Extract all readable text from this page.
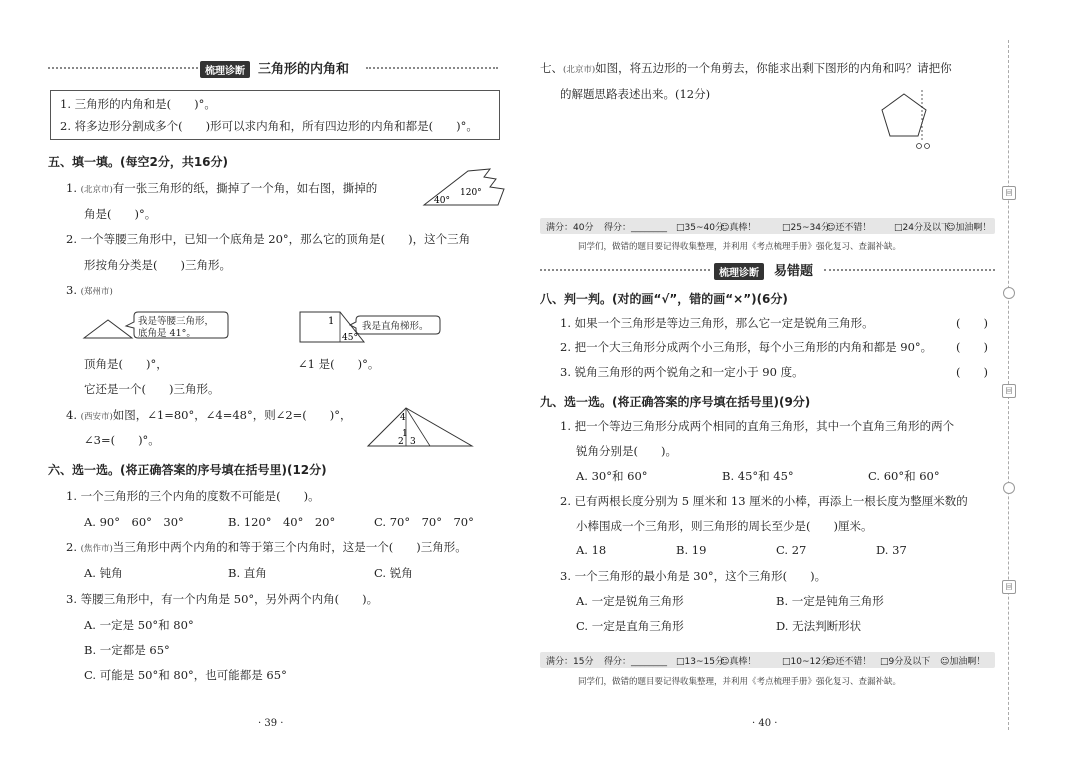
梳理诊断	三角形的内角和
1. 三角形的内角和是(　　)°。
2. 将多边形分割成多个(　　)形可以求内角和，所有四边形的内角和都是(　　)°。
五、填一填。(每空2分，共16分)
1. (北京市)有一张三角形的纸，撕掉了一个角，如右图，撕掉的
角是(　　)°。
40°
120°
2. 一个等腰三角形中，已知一个底角是 20°，那么它的顶角是(　　)，这个三角
形按角分类是(　　)三角形。
3. (郑州市)
我是等腰三角形，
底角是 41°。
1
45°
我是直角梯形。
顶角是(　　)°，	∠1 是(　　)°。
它还是一个(　　)三角形。
4. (西安市)如图，∠1=80°，∠4=48°，则∠2=(　　)°，
∠3=(　　)°。
4
1
2 3
六、选一选。(将正确答案的序号填在括号里)(12分)
1. 一个三角形的三个内角的度数不可能是(　　)。
A. 90°　60°　30°	B. 120°　40°　20°	C. 70°　70°　70°
2. (焦作市)当三角形中两个内角的和等于第三个内角时，这是一个(　　)三角形。
A. 钝角	B. 直角	C. 锐角
3. 等腰三角形中，有一个内角是 50°，另外两个内角(　　)。
A. 一定是 50°和 80°
B. 一定都是 65°
C. 可能是 50°和 80°，也可能都是 65°
· 39 ·
七、(北京市)如图，将五边形的一个角剪去，你能求出剩下图形的内角和吗？请把你
的解题思路表述出来。(12分)
满分：40分 得分：________ □35~40分
☺真棒！	□25~34分
☺还不错！	□24分及以下
☺加油啊！
同学们，做错的题目要记得收集整理，并利用《考点梳理手册》强化复习、查漏补缺。
梳理诊断	易错题
八、判一判。(对的画“√”，错的画“×”)(6分)
1. 如果一个三角形是等边三角形，那么它一定是锐角三角形。	(　　)
2. 把一个大三角形分成两个小三角形，每个小三角形的内角和都是 90°。 (　　)
3. 锐角三角形的两个锐角之和一定小于 90 度。	(　　)
九、选一选。(将正确答案的序号填在括号里)(9分)
1. 把一个等边三角形分成两个相同的直角三角形，其中一个直角三角形的两个
锐角分别是(　　)。
A. 30°和 60°	B. 45°和 45°	C. 60°和 60°
2. 已有两根长度分别为 5 厘米和 13 厘米的小棒，再添上一根长度为整厘米数的
小棒围成一个三角形，则三角形的周长至少是(　　)厘米。
A. 18	B. 19	C. 27	D. 37
3. 一个三角形的最小角是 30°，这个三角形(　　)。
A. 一定是锐角三角形	B. 一定是钝角三角形
C. 一定是直角三角形	D. 无法判断形状
满分：15分 得分：________ □13~15分
☺真棒！	□10~12分
☺还不错！ □9分及以下 ☺加油啊！
同学们，做错的题目要记得收集整理，并利用《考点梳理手册》强化复习、查漏补缺。
· 40 ·
回
回
回
